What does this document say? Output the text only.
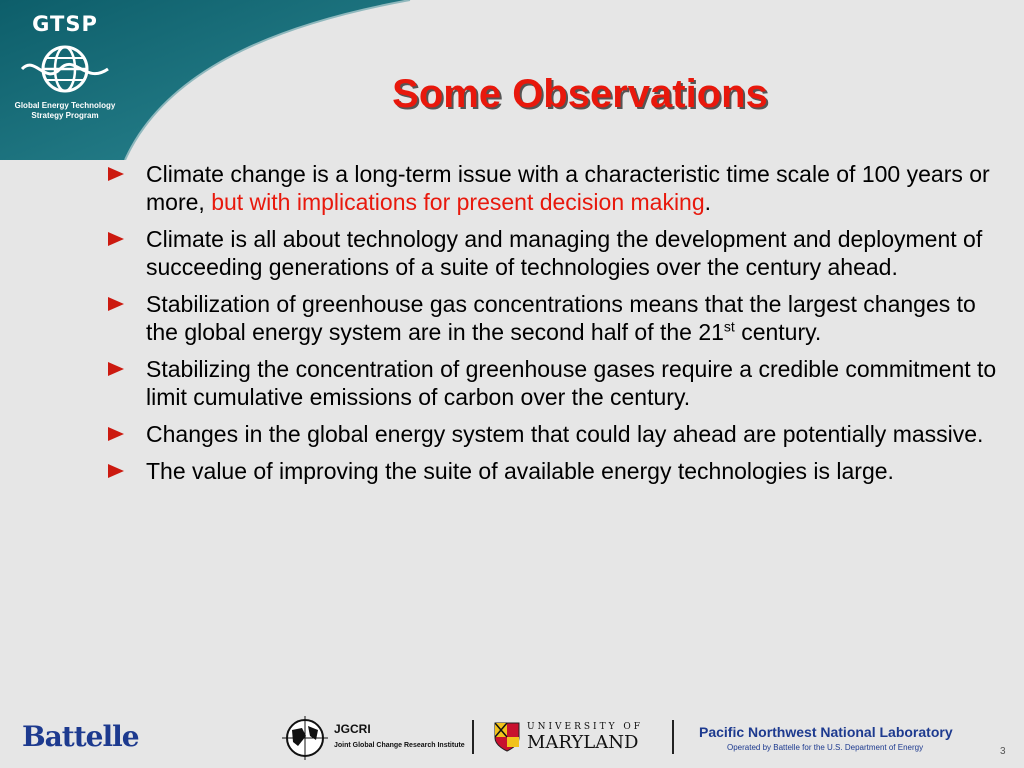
GTSP
Global Energy Technology
Strategy Program	Some Observations
Climate change is a long-term issue with a characteristic time scale of 100 years or more, but with implications for present decision making.
Climate is all about technology and managing the development and deployment of succeeding generations of a suite of technologies over the century ahead.
Stabilization of greenhouse gas concentrations means that the largest changes to the global energy system are in the second half of the 21st century.
Stabilizing the concentration of greenhouse gases require a credible commitment to limit cumulative emissions of carbon over the century.
Changes in the global energy system that could lay ahead are potentially massive.
The value of improving the suite of available energy technologies is large.
Battelle	JGCRI
Joint Global Change Research Institute
UNIVERSITY OF
MARYLAND	Pacific Northwest National Laboratory
Operated by Battelle for the U.S. Department of Energy	3
